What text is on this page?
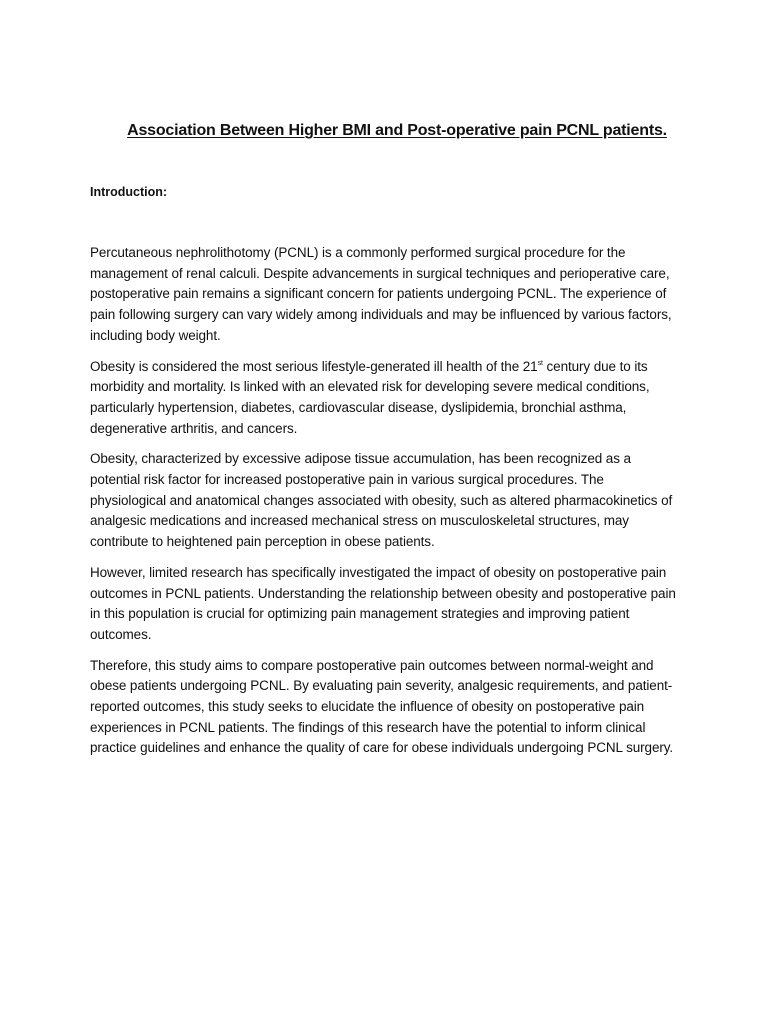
Association Between Higher BMI and Post-operative pain PCNL patients.
Introduction:

Percutaneous nephrolithotomy (PCNL) is a commonly performed surgical procedure for the management of renal calculi. Despite advancements in surgical techniques and perioperative care, postoperative pain remains a significant concern for patients undergoing PCNL. The experience of pain following surgery can vary widely among individuals and may be influenced by various factors, including body weight.

Obesity is considered the most serious lifestyle-generated ill health of the 21st century due to its morbidity and mortality. Is linked with an elevated risk for developing severe medical conditions, particularly hypertension, diabetes, cardiovascular disease, dyslipidemia, bronchial asthma, degenerative arthritis, and cancers.

Obesity, characterized by excessive adipose tissue accumulation, has been recognized as a potential risk factor for increased postoperative pain in various surgical procedures. The physiological and anatomical changes associated with obesity, such as altered pharmacokinetics of analgesic medications and increased mechanical stress on musculoskeletal structures, may contribute to heightened pain perception in obese patients.

However, limited research has specifically investigated the impact of obesity on postoperative pain outcomes in PCNL patients. Understanding the relationship between obesity and postoperative pain in this population is crucial for optimizing pain management strategies and improving patient outcomes.

Therefore, this study aims to compare postoperative pain outcomes between normal-weight and obese patients undergoing PCNL. By evaluating pain severity, analgesic requirements, and patient-reported outcomes, this study seeks to elucidate the influence of obesity on postoperative pain experiences in PCNL patients. The findings of this research have the potential to inform clinical practice guidelines and enhance the quality of care for obese individuals undergoing PCNL surgery.
